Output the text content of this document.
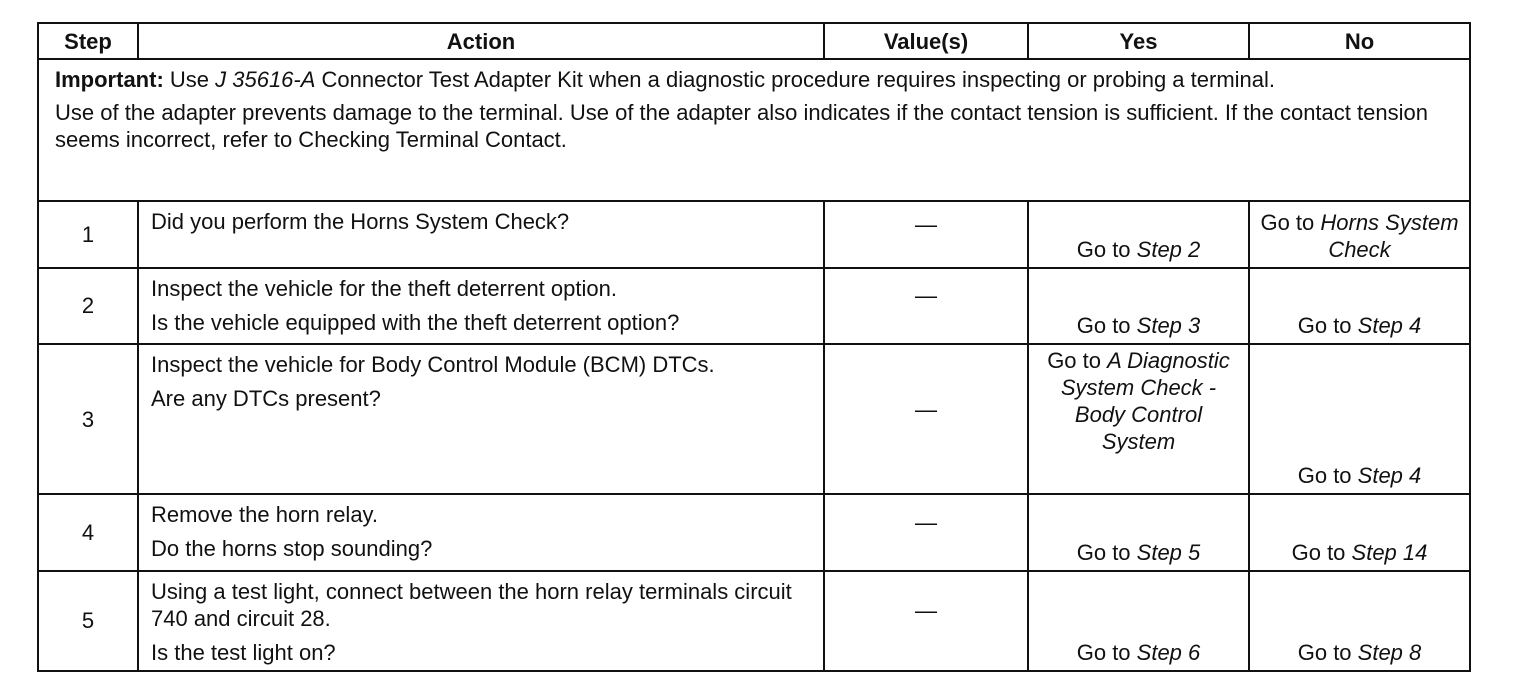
Step	Action	Value(s)	Yes	No

Important: Use J 35616-A Connector Test Adapter Kit when a diagnostic procedure requires inspecting or probing a terminal.

Use of the adapter prevents damage to the terminal. Use of the adapter also indicates if the contact tension is sufficient. If the contact tension seems incorrect, refer to Checking Terminal Contact.				

1	Did you perform the Horns System Check?	—	Go to Step 2	Go to Horns System Check
2	Inspect the vehicle for the theft deterrent option.

Is the vehicle equipped with the theft deterrent option?	—	Go to Step 3	Go to Step 4
3	Inspect the vehicle for Body Control Module (BCM) DTCs.

Are any DTCs present?	—	Go to A Diagnostic System Check - Body Control System	Go to Step 4
4	Remove the horn relay.

Do the horns stop sounding?	—	Go to Step 5	Go to Step 14
5	Using a test light, connect between the horn relay terminals circuit 740 and circuit 28.

Is the test light on?	—	Go to Step 6	Go to Step 8
